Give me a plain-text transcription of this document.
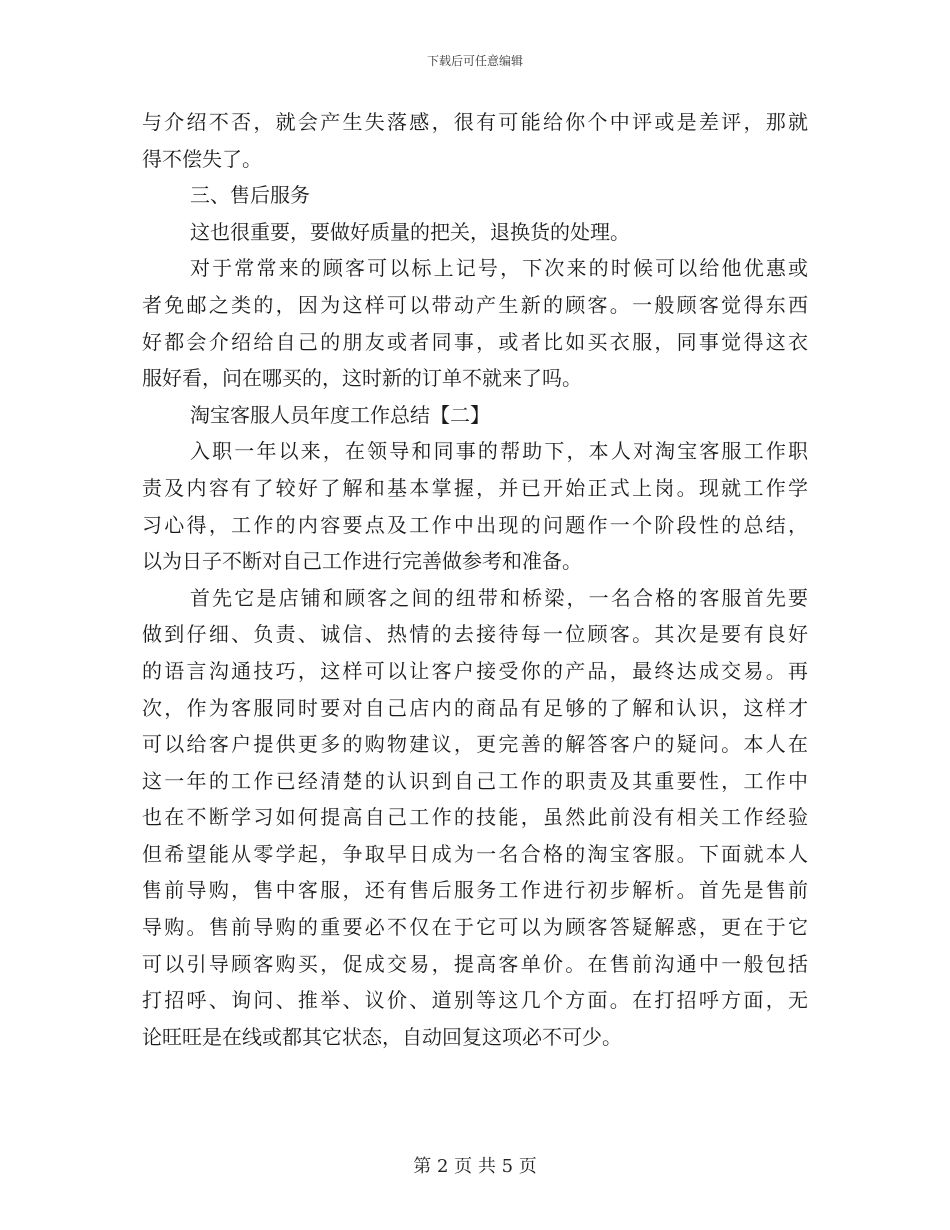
下载后可任意编辑
与介绍不否，就会产生失落感，很有可能给你个中评或是差评，那就
得不偿失了。
三、售后服务
这也很重要，要做好质量的把关，退换货的处理。
对于常常来的顾客可以标上记号，下次来的时候可以给他优惠或
者免邮之类的，因为这样可以带动产生新的顾客。一般顾客觉得东西
好都会介绍给自己的朋友或者同事，或者比如买衣服，同事觉得这衣
服好看，问在哪买的，这时新的订单不就来了吗。
淘宝客服人员年度工作总结【二】
入职一年以来，在领导和同事的帮助下，本人对淘宝客服工作职
责及内容有了较好了解和基本掌握，并已开始正式上岗。现就工作学
习心得，工作的内容要点及工作中出现的问题作一个阶段性的总结，
以为日子不断对自己工作进行完善做参考和准备。
首先它是店铺和顾客之间的纽带和桥梁，一名合格的客服首先要
做到仔细、负责、诚信、热情的去接待每一位顾客。其次是要有良好
的语言沟通技巧，这样可以让客户接受你的产品，最终达成交易。再
次，作为客服同时要对自己店内的商品有足够的了解和认识，这样才
可以给客户提供更多的购物建议，更完善的解答客户的疑问。本人在
这一年的工作已经清楚的认识到自己工作的职责及其重要性，工作中
也在不断学习如何提高自己工作的技能，虽然此前没有相关工作经验
但希望能从零学起，争取早日成为一名合格的淘宝客服。下面就本人
售前导购，售中客服，还有售后服务工作进行初步解析。首先是售前
导购。售前导购的重要必不仅在于它可以为顾客答疑解惑，更在于它
可以引导顾客购买，促成交易，提高客单价。在售前沟通中一般包括
打招呼、询问、推举、议价、道别等这几个方面。在打招呼方面，无
论旺旺是在线或都其它状态，自动回复这项必不可少。
第 2 页 共 5 页
